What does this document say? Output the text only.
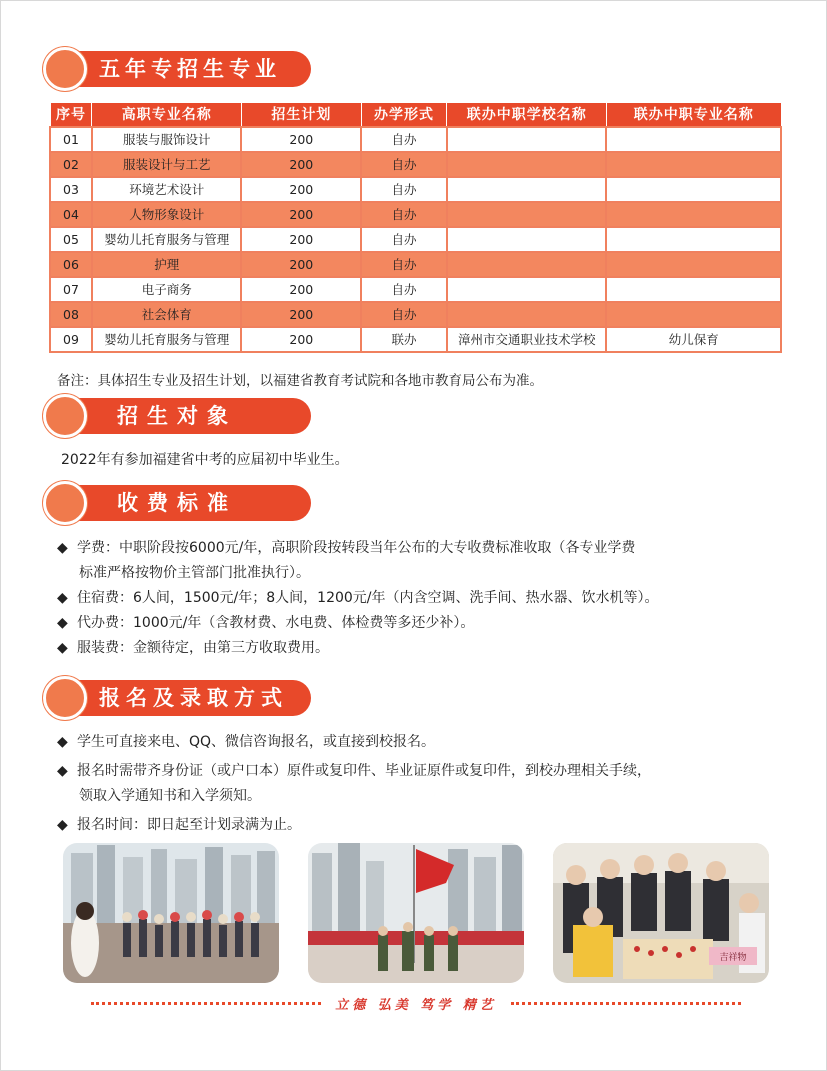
五年专招生专业
序号	高职专业名称	招生计划	办学形式	联办中职学校名称	联办中职专业名称
01	服装与服饰设计	200	自办		
02	服装设计与工艺	200	自办		
03	环境艺术设计	200	自办		
04	人物形象设计	200	自办		
05	婴幼儿托育服务与管理	200	自办		
06	护理	200	自办		
07	电子商务	200	自办		
08	社会体育	200	自办		
09	婴幼儿托育服务与管理	200	联办	漳州市交通职业技术学校	幼儿保育
备注：具体招生专业及招生计划，以福建省教育考试院和各地市教育局公布为准。
招生对象
2022年有参加福建省中考的应届初中毕业生。
收费标准
◆ 学费：中职阶段按6000元/年，高职阶段按转段当年公布的大专收费标准收取（各专业学费
标准严格按物价主管部门批准执行）。
◆ 住宿费：6人间，1500元/年；8人间，1200元/年（内含空调、洗手间、热水器、饮水机等）。
◆ 代办费：1000元/年（含教材费、水电费、体检费等多还少补）。
◆ 服装费：金额待定，由第三方收取费用。
报名及录取方式
◆ 学生可直接来电、QQ、微信咨询报名，或直接到校报名。
◆ 报名时需带齐身份证（或户口本）原件或复印件、毕业证原件或复印件，到校办理相关手续，
领取入学通知书和入学须知。
◆ 报名时间：即日起至计划录满为止。
吉祥物
立德 弘美 笃学 精艺
